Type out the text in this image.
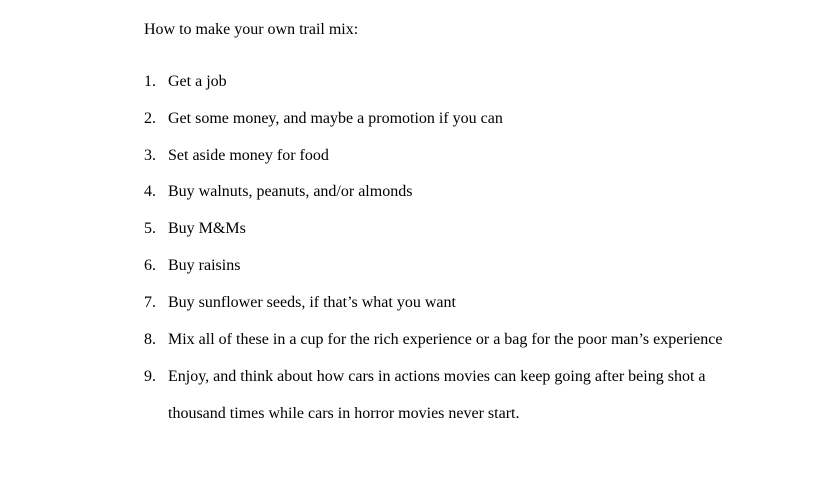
How to make your own trail mix:

1. Get a job
2. Get some money, and maybe a promotion if you can
3. Set aside money for food
4. Buy walnuts, peanuts, and/or almonds
5. Buy M&Ms
6. Buy raisins
7. Buy sunflower seeds, if that’s what you want
8. Mix all of these in a cup for the rich experience or a bag for the poor man’s experience
9. Enjoy, and think about how cars in actions movies can keep going after being shot a thousand times while cars in horror movies never start.
